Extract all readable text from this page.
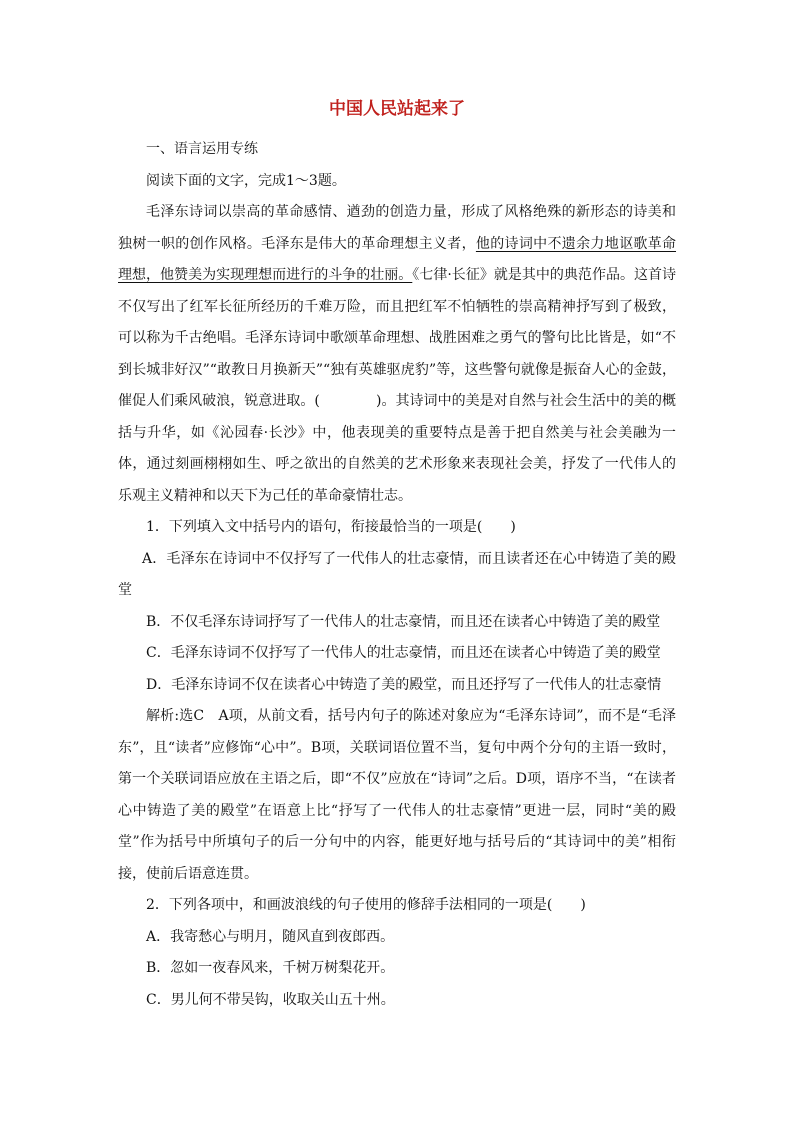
中国人民站起来了

一、语言运用专练

阅读下面的文字，完成1～3题。

毛泽东诗词以崇高的革命感情、遒劲的创造力量，形成了风格绝殊的新形态的诗美和独树一帜的创作风格。毛泽东是伟大的革命理想主义者，他的诗词中不遗余力地讴歌革命理想，他赞美为实现理想而进行的斗争的壮丽。《七律·长征》就是其中的典范作品。这首诗不仅写出了红军长征所经历的千难万险，而且把红军不怕牺牲的崇高精神抒写到了极致，可以称为千古绝唱。毛泽东诗词中歌颂革命理想、战胜困难之勇气的警句比比皆是，如“不到长城非好汉”“敢教日月换新天”“独有英雄驱虎豹”等，这些警句就像是振奋人心的金鼓，催促人们乘风破浪，锐意进取。(　　　　)。其诗词中的美是对自然与社会生活中的美的概括与升华，如《沁园春·长沙》中，他表现美的重要特点是善于把自然美与社会美融为一体，通过刻画栩栩如生、呼之欲出的自然美的艺术形象来表现社会美，抒发了一代伟人的乐观主义精神和以天下为己任的革命豪情壮志。

1．下列填入文中括号内的语句，衔接最恰当的一项是(　　)

A．毛泽东在诗词中不仅抒写了一代伟人的壮志豪情，而且读者还在心中铸造了美的殿堂

B．不仅毛泽东诗词抒写了一代伟人的壮志豪情，而且还在读者心中铸造了美的殿堂

C．毛泽东诗词不仅抒写了一代伟人的壮志豪情，而且还在读者心中铸造了美的殿堂

D．毛泽东诗词不仅在读者心中铸造了美的殿堂，而且还抒写了一代伟人的壮志豪情

解析:选C　A项，从前文看，括号内句子的陈述对象应为“毛泽东诗词”，而不是“毛泽东”，且“读者”应修饰“心中”。B项，关联词语位置不当，复句中两个分句的主语一致时，第一个关联词语应放在主语之后，即“不仅”应放在“诗词”之后。D项，语序不当，“在读者心中铸造了美的殿堂”在语意上比“抒写了一代伟人的壮志豪情”更进一层，同时“美的殿堂”作为括号中所填句子的后一分句中的内容，能更好地与括号后的“其诗词中的美”相衔接，使前后语意连贯。

2．下列各项中，和画波浪线的句子使用的修辞手法相同的一项是(　　)

A．我寄愁心与明月，随风直到夜郎西。

B．忽如一夜春风来，千树万树梨花开。

C．男儿何不带吴钩，收取关山五十州。
